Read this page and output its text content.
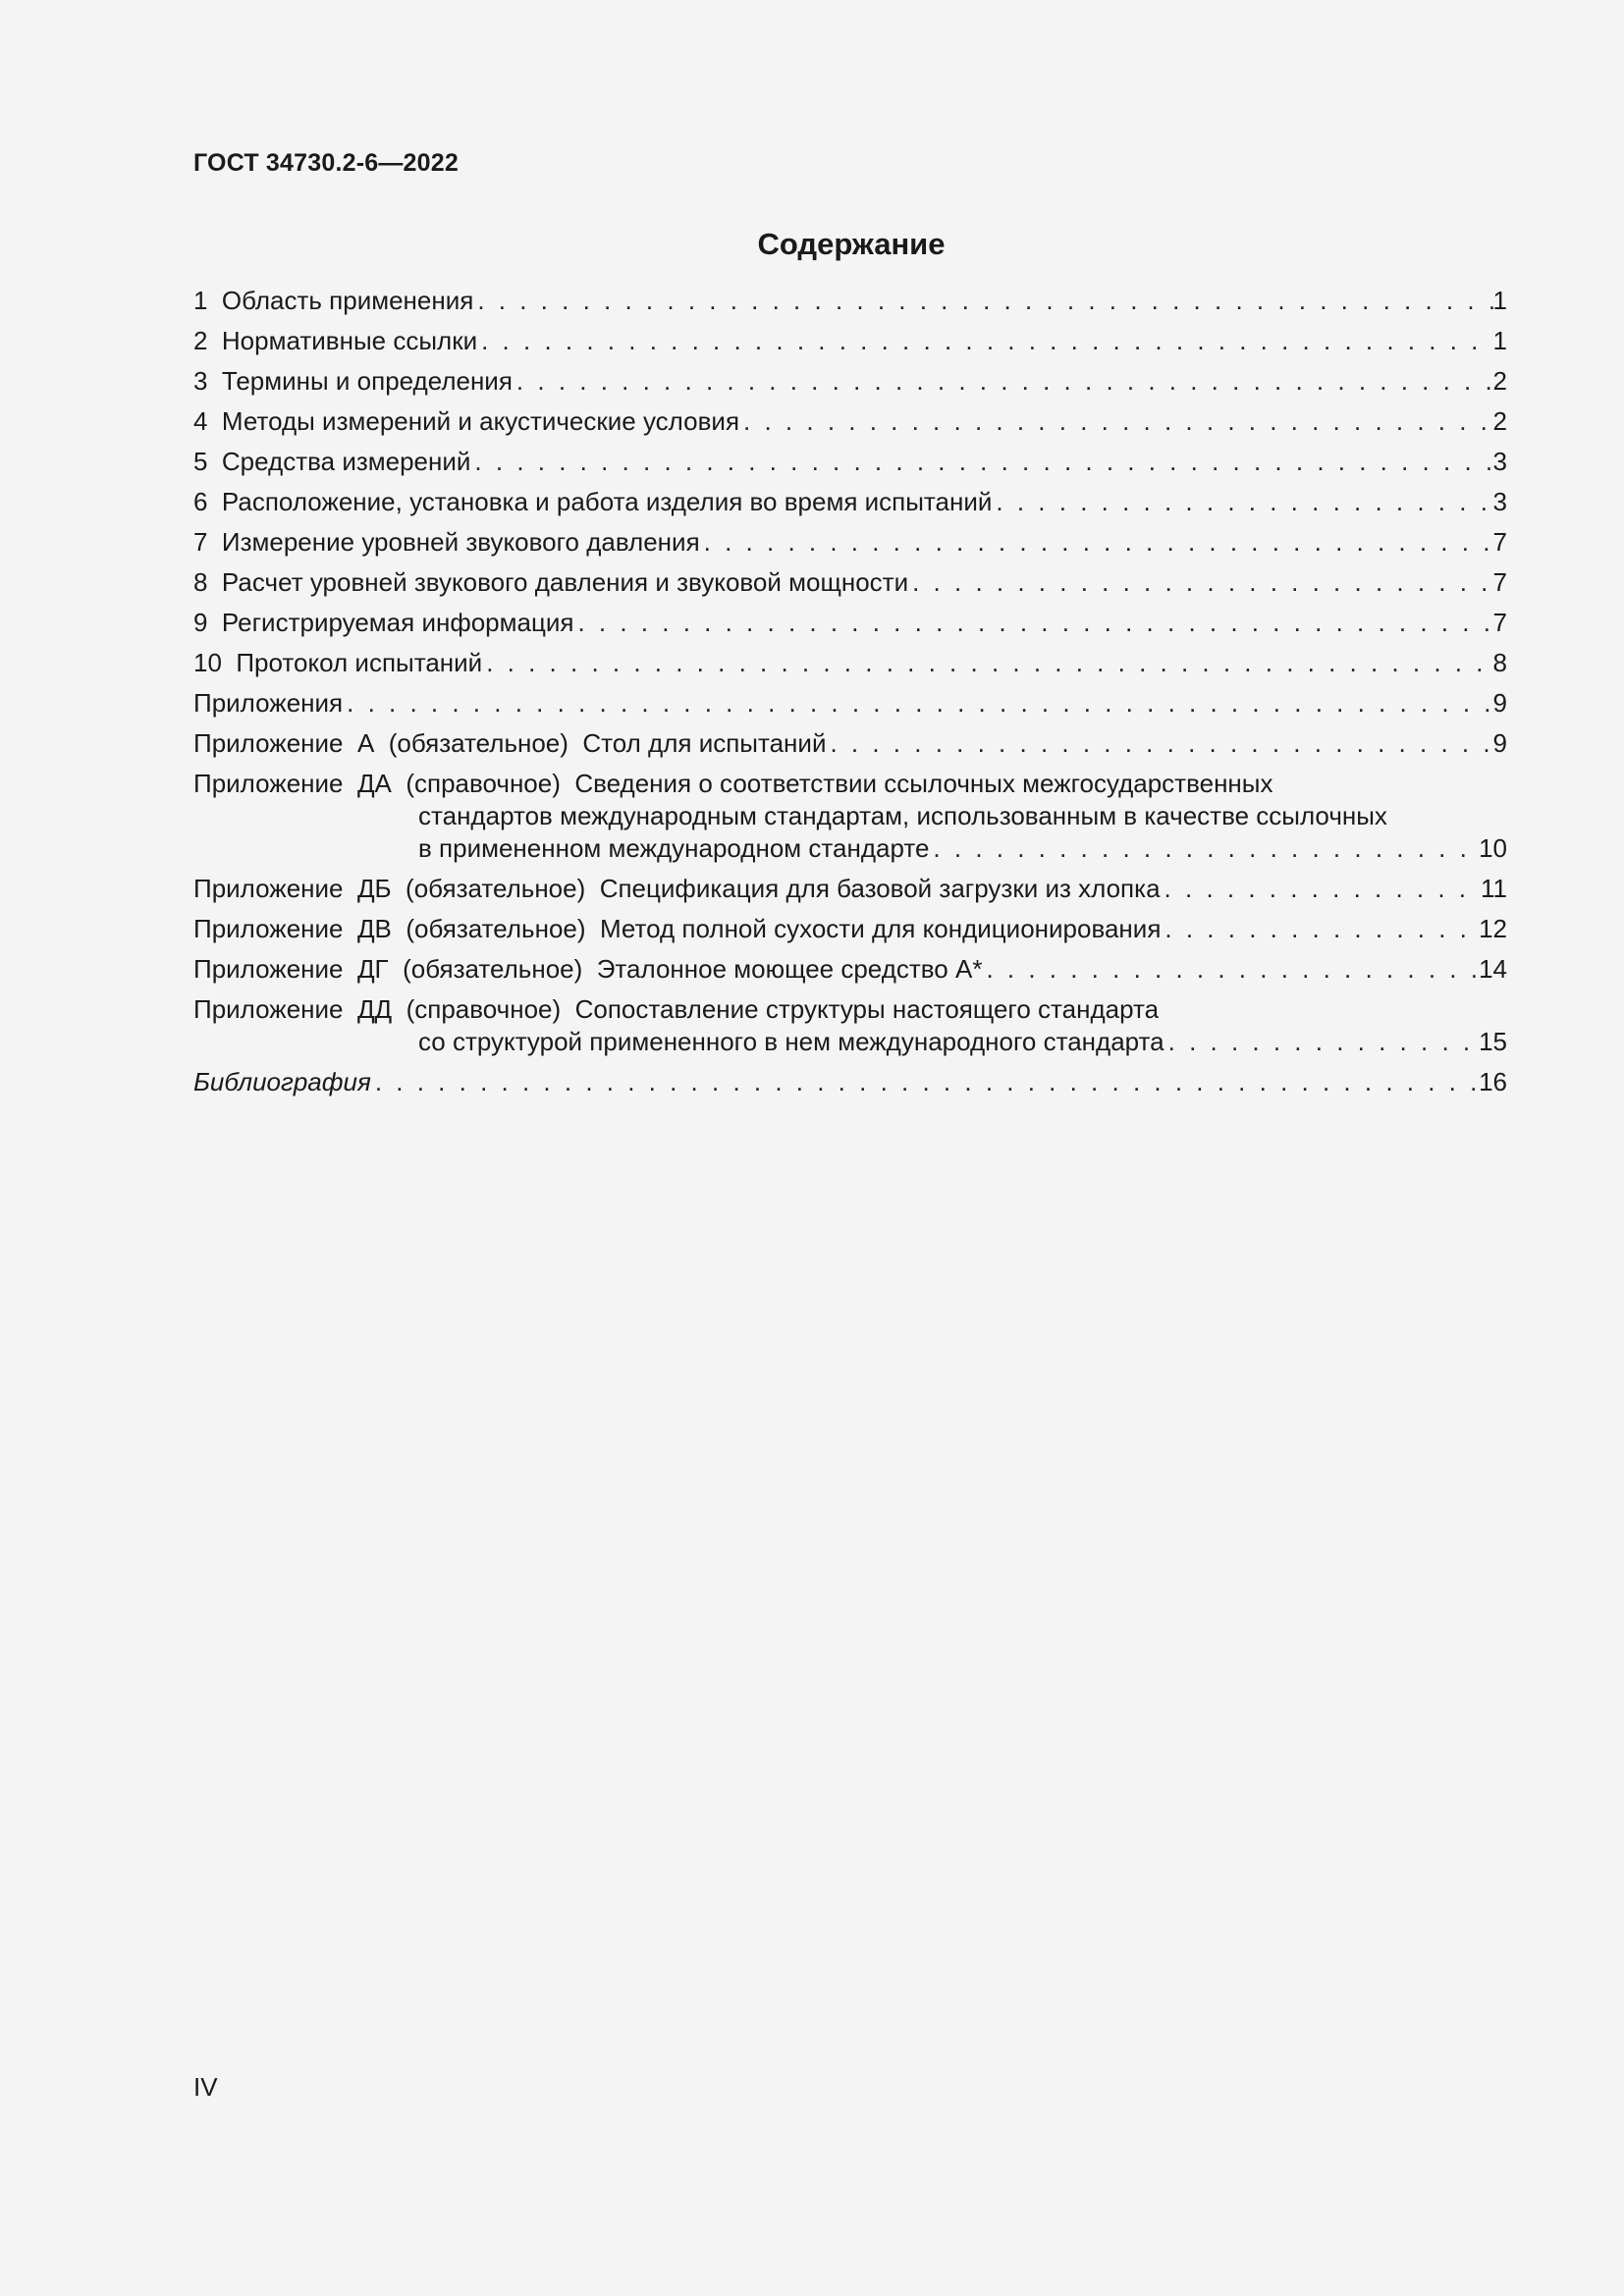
ГОСТ 34730.2-6—2022
Содержание
1  Область применения . . .	1
2  Нормативные ссылки . . .	1
3  Термины и определения . . .	2
4  Методы измерений и акустические условия . . .	2
5  Средства измерений . . .	3
6  Расположение, установка и работа изделия во время испытаний . . .	3
7  Измерение уровней звукового давления . . .	7
8  Расчет уровней звукового давления и звуковой мощности . . .	7
9  Регистрируемая информация . . .	7
10  Протокол испытаний . . .	8
Приложения . . .	9
Приложение  А  (обязательное)  Стол для испытаний . . .	9
Приложение  ДА  (справочное)  Сведения о соответствии ссылочных межгосударственных
стандартов международным стандартам, использованным в качестве ссылочных
в примененном международном стандарте . . .	10
Приложение  ДБ  (обязательное)  Спецификация для базовой загрузки из хлопка . . .	11
Приложение  ДВ  (обязательное)  Метод полной сухости для кондиционирования . . .	12
Приложение  ДГ  (обязательное)  Эталонное моющее средство А* . . .	14
Приложение  ДД  (справочное)  Сопоставление структуры настоящего стандарта
со структурой примененного в нем международного стандарта . . .	15
Библиография . . .	16
IV
